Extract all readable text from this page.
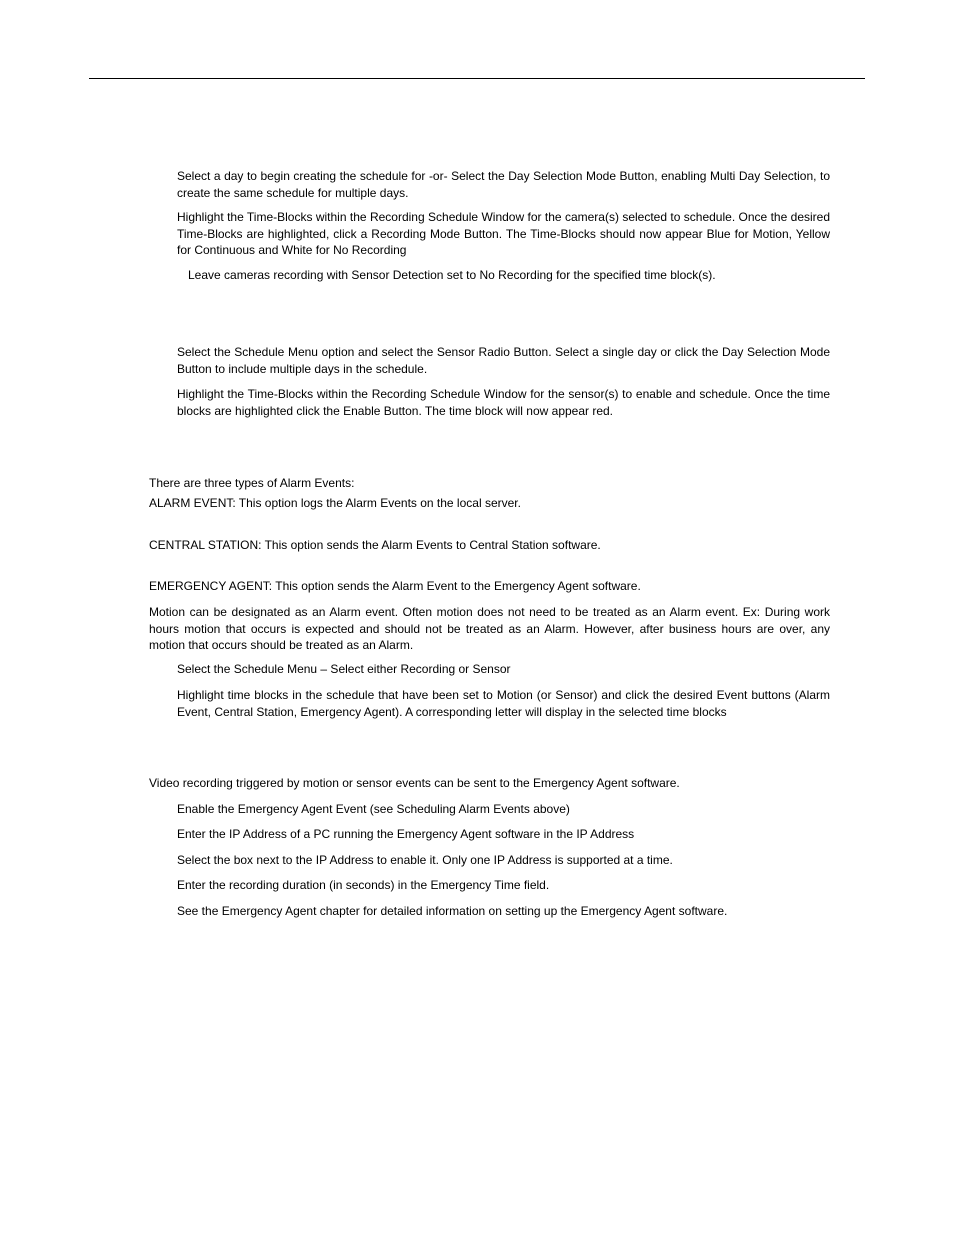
Select a day to begin creating the schedule for -or- Select the Day Selection Mode Button, enabling Multi Day Selection, to create the same schedule for multiple days.

Highlight the Time-Blocks within the Recording Schedule Window for the camera(s) selected to schedule. Once the desired Time-Blocks are highlighted, click a Recording Mode Button. The Time-Blocks should now appear Blue for Motion, Yellow for Continuous and White for No Recording

Leave cameras recording with Sensor Detection set to No Recording for the specified time block(s).

Select the Schedule Menu option and select the Sensor Radio Button. Select a single day or click the Day Selection Mode Button to include multiple days in the schedule.

Highlight the Time-Blocks within the Recording Schedule Window for the sensor(s) to enable and schedule. Once the time blocks are highlighted click the Enable Button. The time block will now appear red.

There are three types of Alarm Events:

ALARM EVENT: This option logs the Alarm Events on the local server.

CENTRAL STATION: This option sends the Alarm Events to Central Station software.

EMERGENCY AGENT: This option sends the Alarm Event to the Emergency Agent software.

Motion can be designated as an Alarm event. Often motion does not need to be treated as an Alarm event. Ex: During work hours motion that occurs is expected and should not be treated as an Alarm. However, after business hours are over, any motion that occurs should be treated as an Alarm.

Select the Schedule Menu – Select either Recording or Sensor

Highlight time blocks in the schedule that have been set to Motion (or Sensor) and click the desired Event buttons (Alarm Event, Central Station, Emergency Agent). A corresponding letter will display in the selected time blocks

Video recording triggered by motion or sensor events can be sent to the Emergency Agent software.

Enable the Emergency Agent Event (see Scheduling Alarm Events above)

Enter the IP Address of a PC running the Emergency Agent software in the IP Address

Select the box next to the IP Address to enable it. Only one IP Address is supported at a time.

Enter the recording duration (in seconds) in the Emergency Time field.

See the Emergency Agent chapter for detailed information on setting up the Emergency Agent software.
